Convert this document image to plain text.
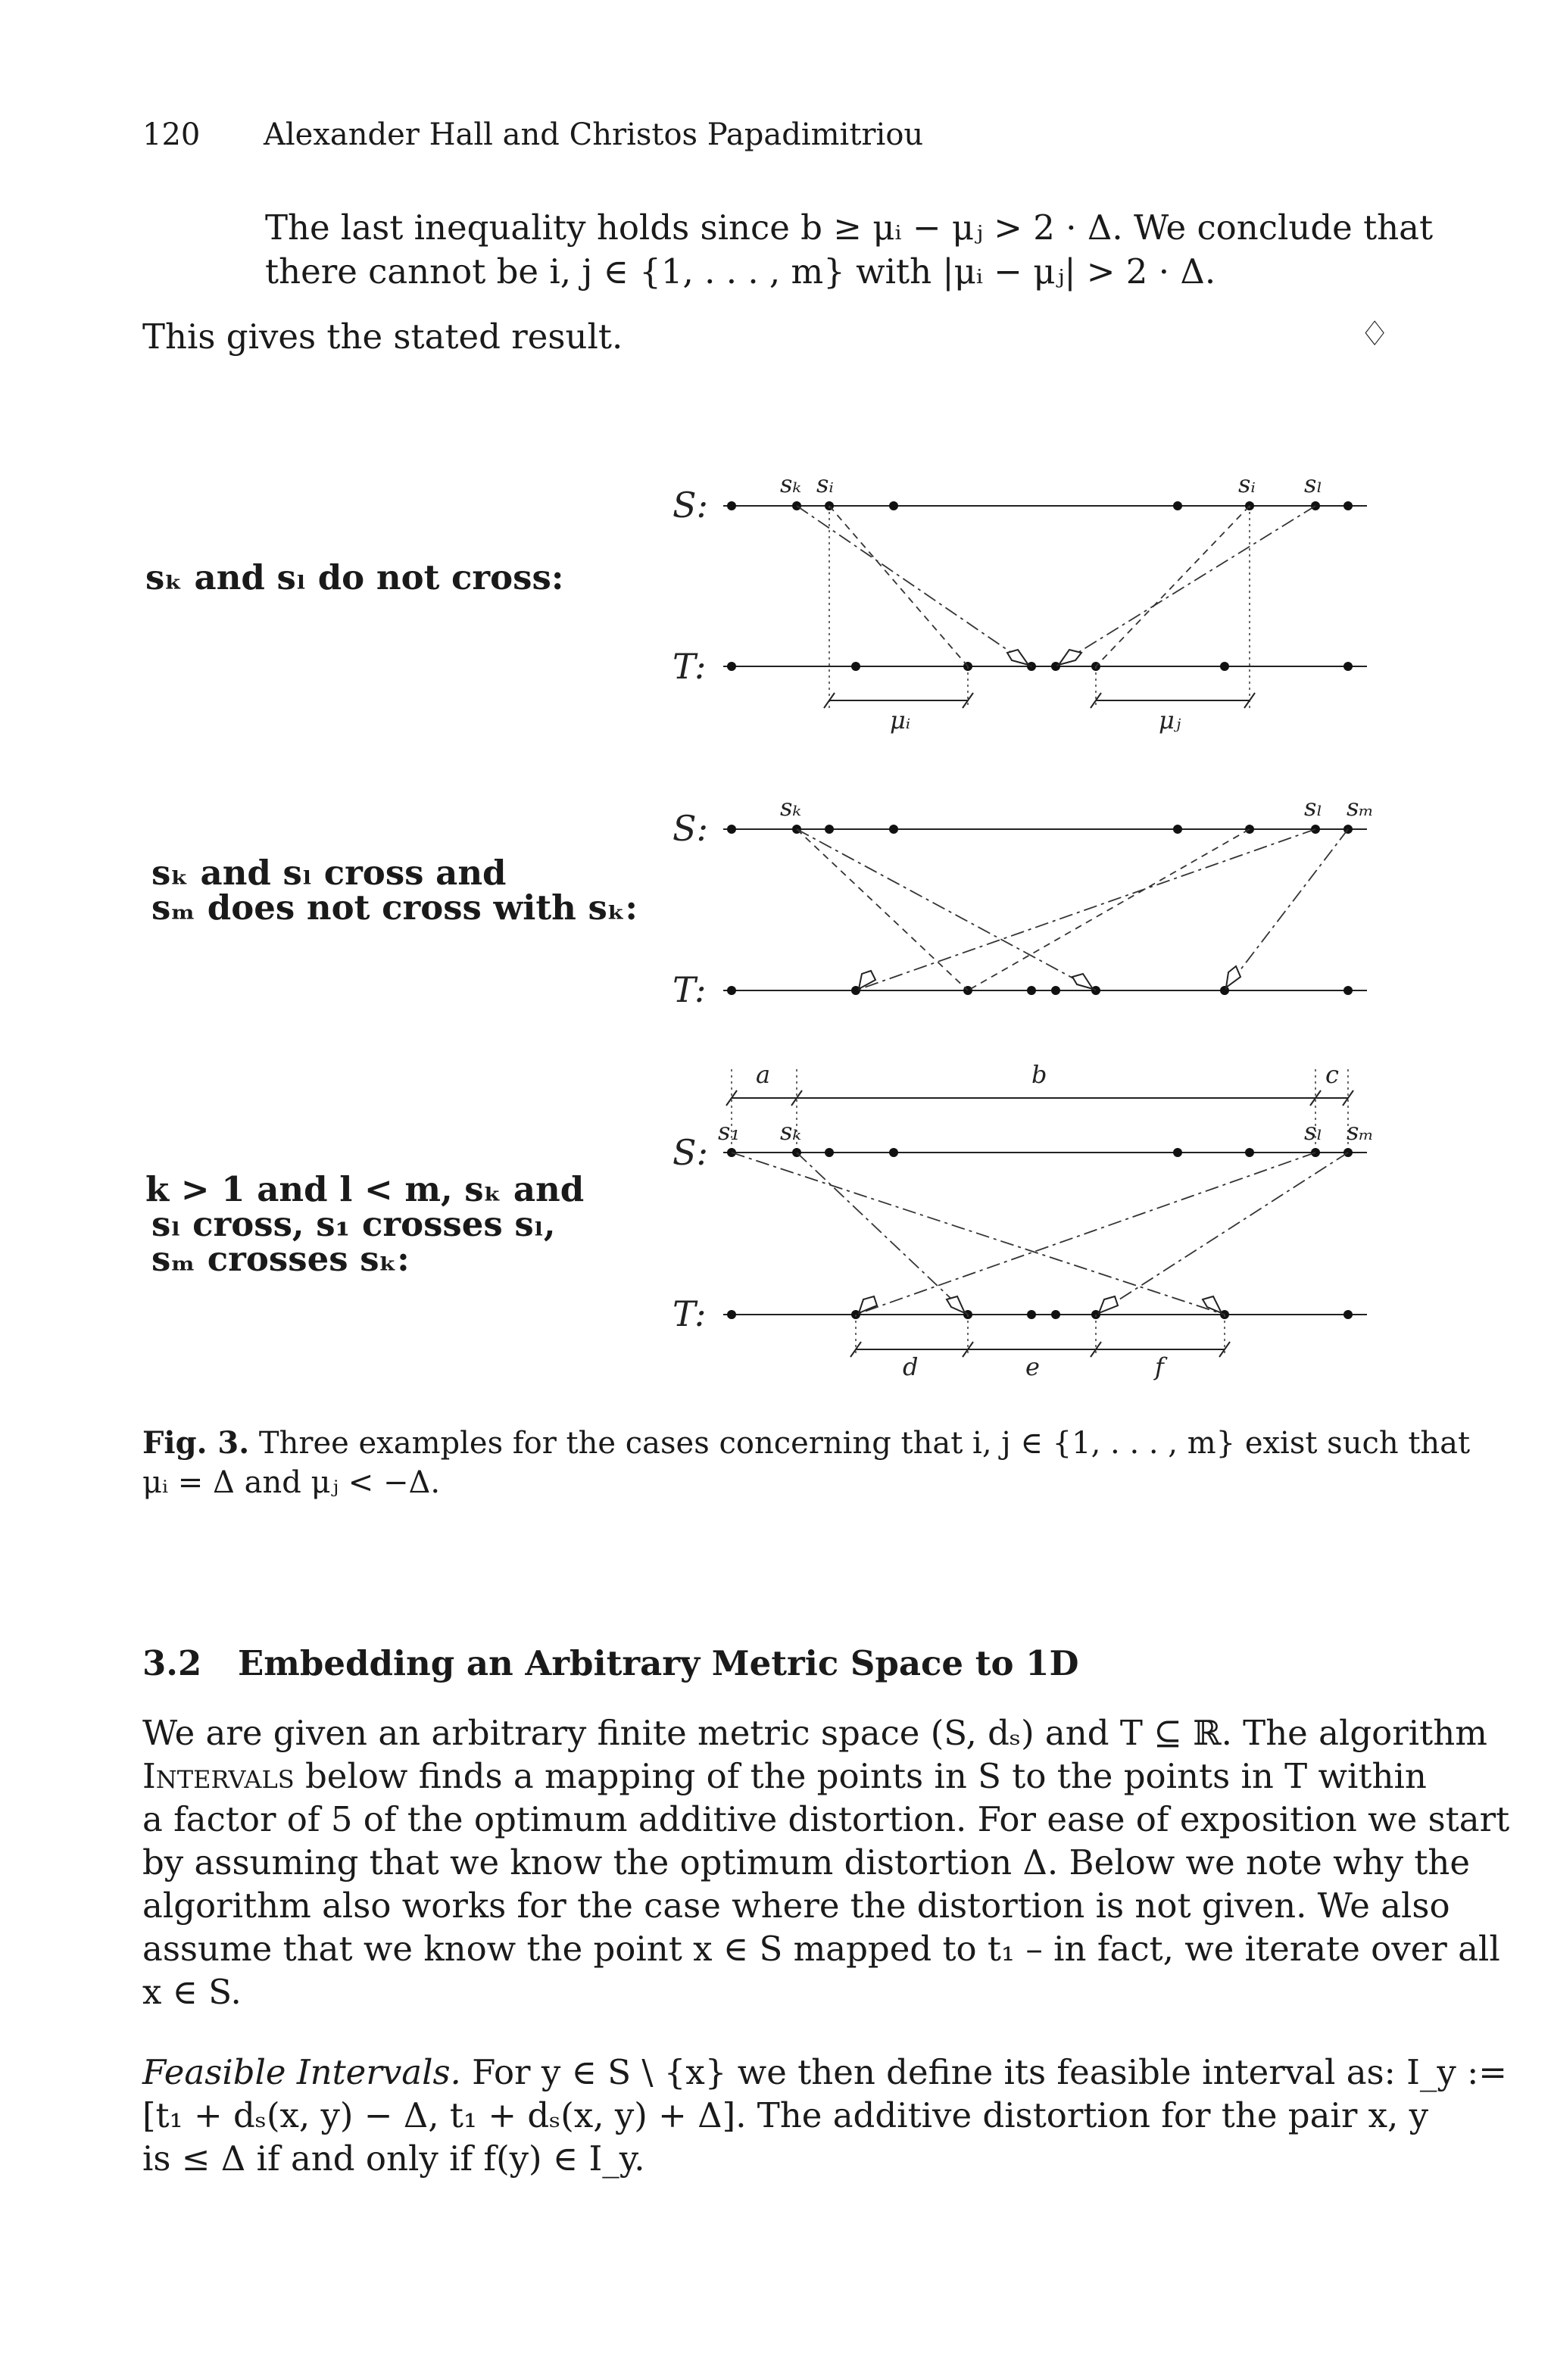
120 Alexander Hall and Christos Papadimitriou
The last inequality holds since b ≥ μᵢ − μⱼ > 2 · Δ. We conclude that
there cannot be i, j ∈ {1, . . . , m} with |μᵢ − μⱼ| > 2 · Δ.
This gives the stated result.	♢
sₖ and sₗ do not cross:
sₖ and sₗ cross and
sₘ does not cross with sₖ:
k > 1 and l < m, sₖ and
sₗ cross, s₁ crosses sₗ,
sₘ crosses sₖ:
S:
T:
sₖ sᵢ	sᵢ sₗ
μᵢ	μⱼ
S:
T:
sₖ	sₗ sₘ
a	b	c
S:
T:
s₁ sₖ	sₗ sₘ
d	e	f
Fig. 3. Three examples for the cases concerning that i, j ∈ {1, . . . , m} exist such that
μᵢ = Δ and μⱼ < −Δ.
3.2 Embedding an Arbitrary Metric Space to 1D
We are given an arbitrary finite metric space (S, dₛ) and T ⊆ ℝ. The algorithm
Intervals below finds a mapping of the points in S to the points in T within
a factor of 5 of the optimum additive distortion. For ease of exposition we start
by assuming that we know the optimum distortion Δ. Below we note why the
algorithm also works for the case where the distortion is not given. We also
assume that we know the point x ∈ S mapped to t₁ – in fact, we iterate over all
x ∈ S.
Feasible Intervals. For y ∈ S \ {x} we then define its feasible interval as: I_y :=
[t₁ + dₛ(x, y) − Δ, t₁ + dₛ(x, y) + Δ]. The additive distortion for the pair x, y
is ≤ Δ if and only if f(y) ∈ I_y.
